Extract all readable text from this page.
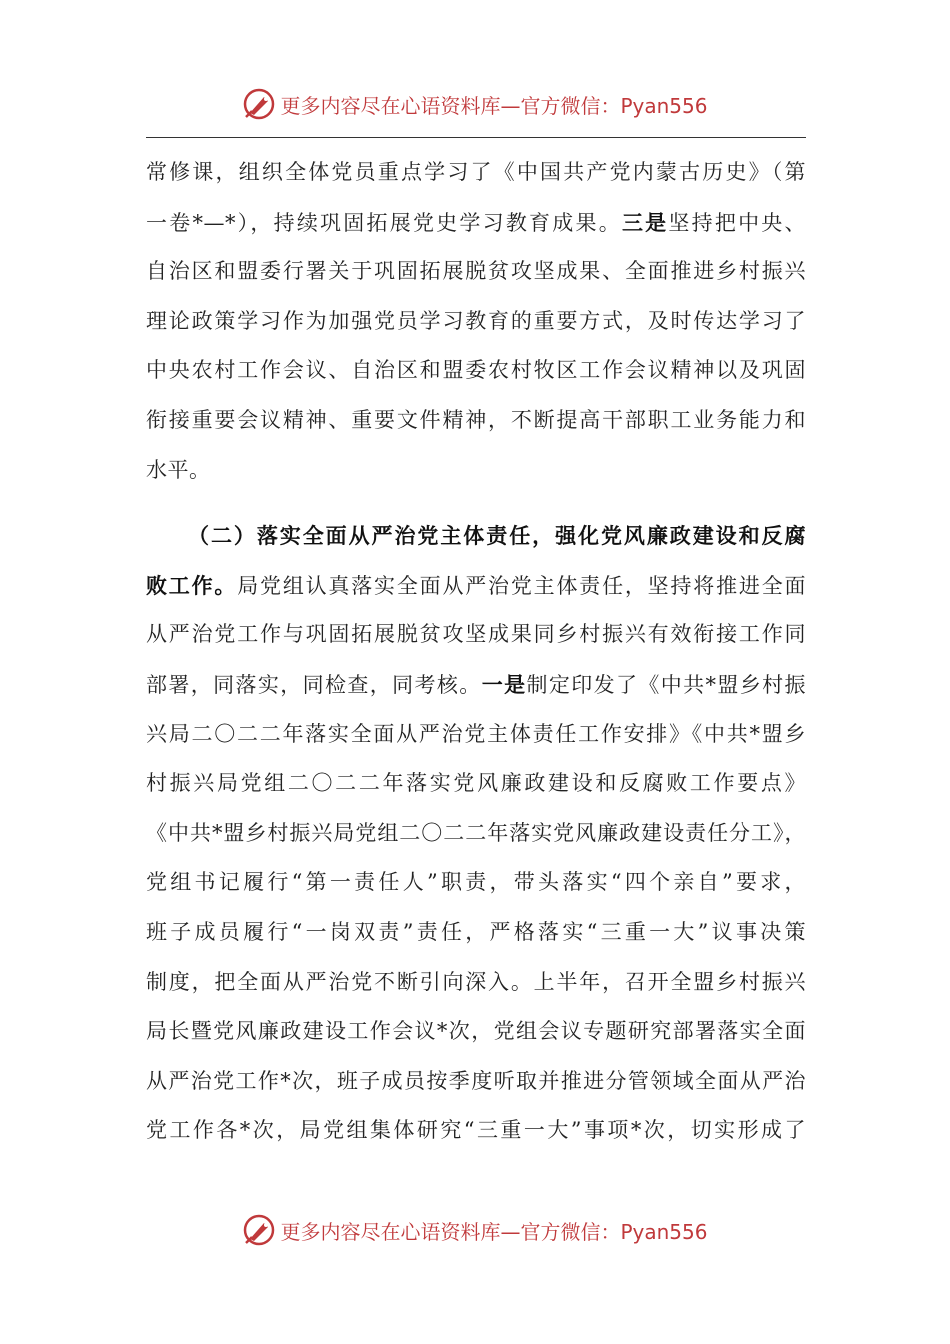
更多内容尽在心语资料库—官方微信：Pyan556
常修课，组织全体党员重点学习了《中国共产党内蒙古历史》（第
一卷*—*），持续巩固拓展党史学习教育成果。三是坚持把中央、
自治区和盟委行署关于巩固拓展脱贫攻坚成果、全面推进乡村振兴
理论政策学习作为加强党员学习教育的重要方式，及时传达学习了
中央农村工作会议、自治区和盟委农村牧区工作会议精神以及巩固
衔接重要会议精神、重要文件精神，不断提高干部职工业务能力和
水平。
（二）落实全面从严治党主体责任，强化党风廉政建设和反腐
败工作。局党组认真落实全面从严治党主体责任，坚持将推进全面
从严治党工作与巩固拓展脱贫攻坚成果同乡村振兴有效衔接工作同
部署，同落实，同检查，同考核。一是制定印发了《中共*盟乡村振
兴局二〇二二年落实全面从严治党主体责任工作安排》《中共*盟乡
村振兴局党组二〇二二年落实党风廉政建设和反腐败工作要点》
《中共*盟乡村振兴局党组二〇二二年落实党风廉政建设责任分工》，
党组书记履行“第一责任人”职责，带头落实“四个亲自”要求，
班子成员履行“一岗双责”责任，严格落实“三重一大”议事决策
制度，把全面从严治党不断引向深入。上半年，召开全盟乡村振兴
局长暨党风廉政建设工作会议*次，党组会议专题研究部署落实全面
从严治党工作*次，班子成员按季度听取并推进分管领域全面从严治
党工作各*次，局党组集体研究“三重一大”事项*次，切实形成了
更多内容尽在心语资料库—官方微信：Pyan556
